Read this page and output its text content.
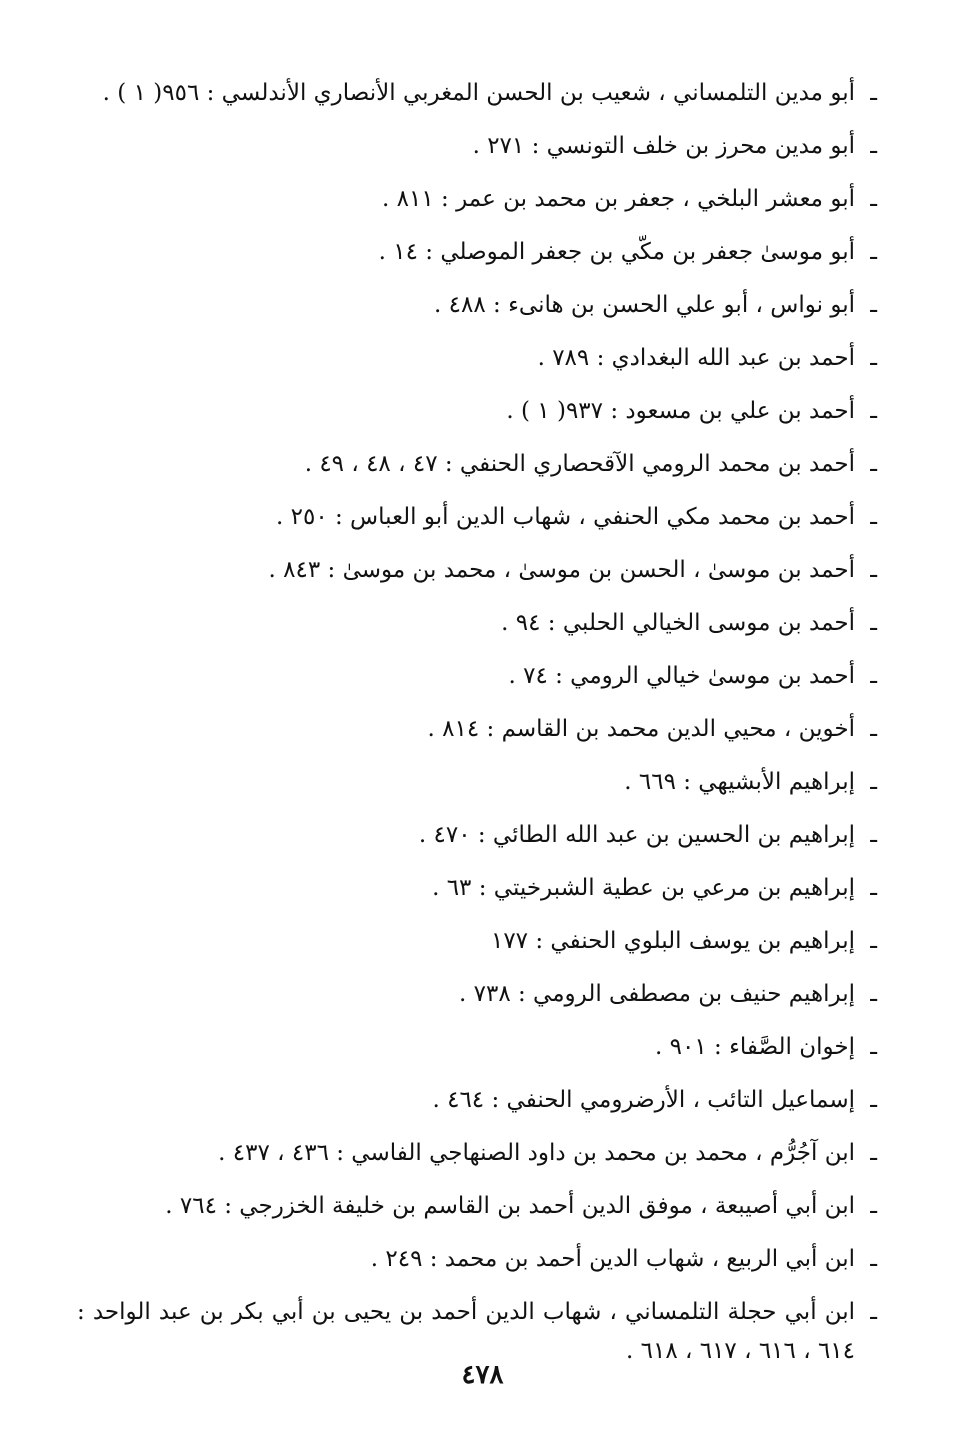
ـ
أبو مدين التلمساني ، شعيب بن الحسن المغربي الأنصاري الأندلسي : ٩٥٦( ١ ) .
ـ
أبو مدين محرز بن خلف التونسي : ٢٧١ .
ـ
أبو معشر البلخي ، جعفر بن محمد بن عمر : ٨١١ .
ـ
أبو موسىٰ جعفر بن مكّي بن جعفر الموصلي : ١٤ .
ـ
أبو نواس ، أبو علي الحسن بن هانىء : ٤٨٨ .
ـ
أحمد بن عبد الله البغدادي : ٧٨٩ .
ـ
أحمد بن علي بن مسعود : ٩٣٧( ١ ) .
ـ
أحمد بن محمد الرومي الآقحصاري الحنفي : ٤٧ ، ٤٨ ، ٤٩ .
ـ
أحمد بن محمد مكي الحنفي ، شهاب الدين أبو العباس : ٢٥٠ .
ـ
أحمد بن موسىٰ ، الحسن بن موسىٰ ، محمد بن موسىٰ : ٨٤٣ .
ـ
أحمد بن موسى الخيالي الحلبي : ٩٤ .
ـ
أحمد بن موسىٰ خيالي الرومي : ٧٤ .
ـ
أخوين ، محيي الدين محمد بن القاسم : ٨١٤ .
ـ
إبراهيم الأبشيهي : ٦٦٩ .
ـ
إبراهيم بن الحسين بن عبد الله الطائي : ٤٧٠ .
ـ
إبراهيم بن مرعي بن عطية الشبرخيتي : ٦٣ .
ـ
إبراهيم بن يوسف البلوي الحنفي : ١٧٧
ـ
إبراهيم حنيف بن مصطفى الرومي : ٧٣٨ .
ـ
إخوان الصَّفاء : ٩٠١ .
ـ
إسماعيل التائب ، الأرضرومي الحنفي : ٤٦٤ .
ـ
ابن آجُرُّم ، محمد بن محمد بن داود الصنهاجي الفاسي : ٤٣٦ ، ٤٣٧ .
ـ
ابن أبي أصيبعة ، موفق الدين أحمد بن القاسم بن خليفة الخزرجي : ٧٦٤ .
ـ
ابن أبي الربيع ، شهاب الدين أحمد بن محمد : ٢٤٩ .
ـ
ابن أبي حجلة التلمساني ، شهاب الدين أحمد بن يحيى بن أبي بكر بن عبد الواحد : ٦١٤ ، ٦١٦ ، ٦١٧ ، ٦١٨ .
٤٧٨
